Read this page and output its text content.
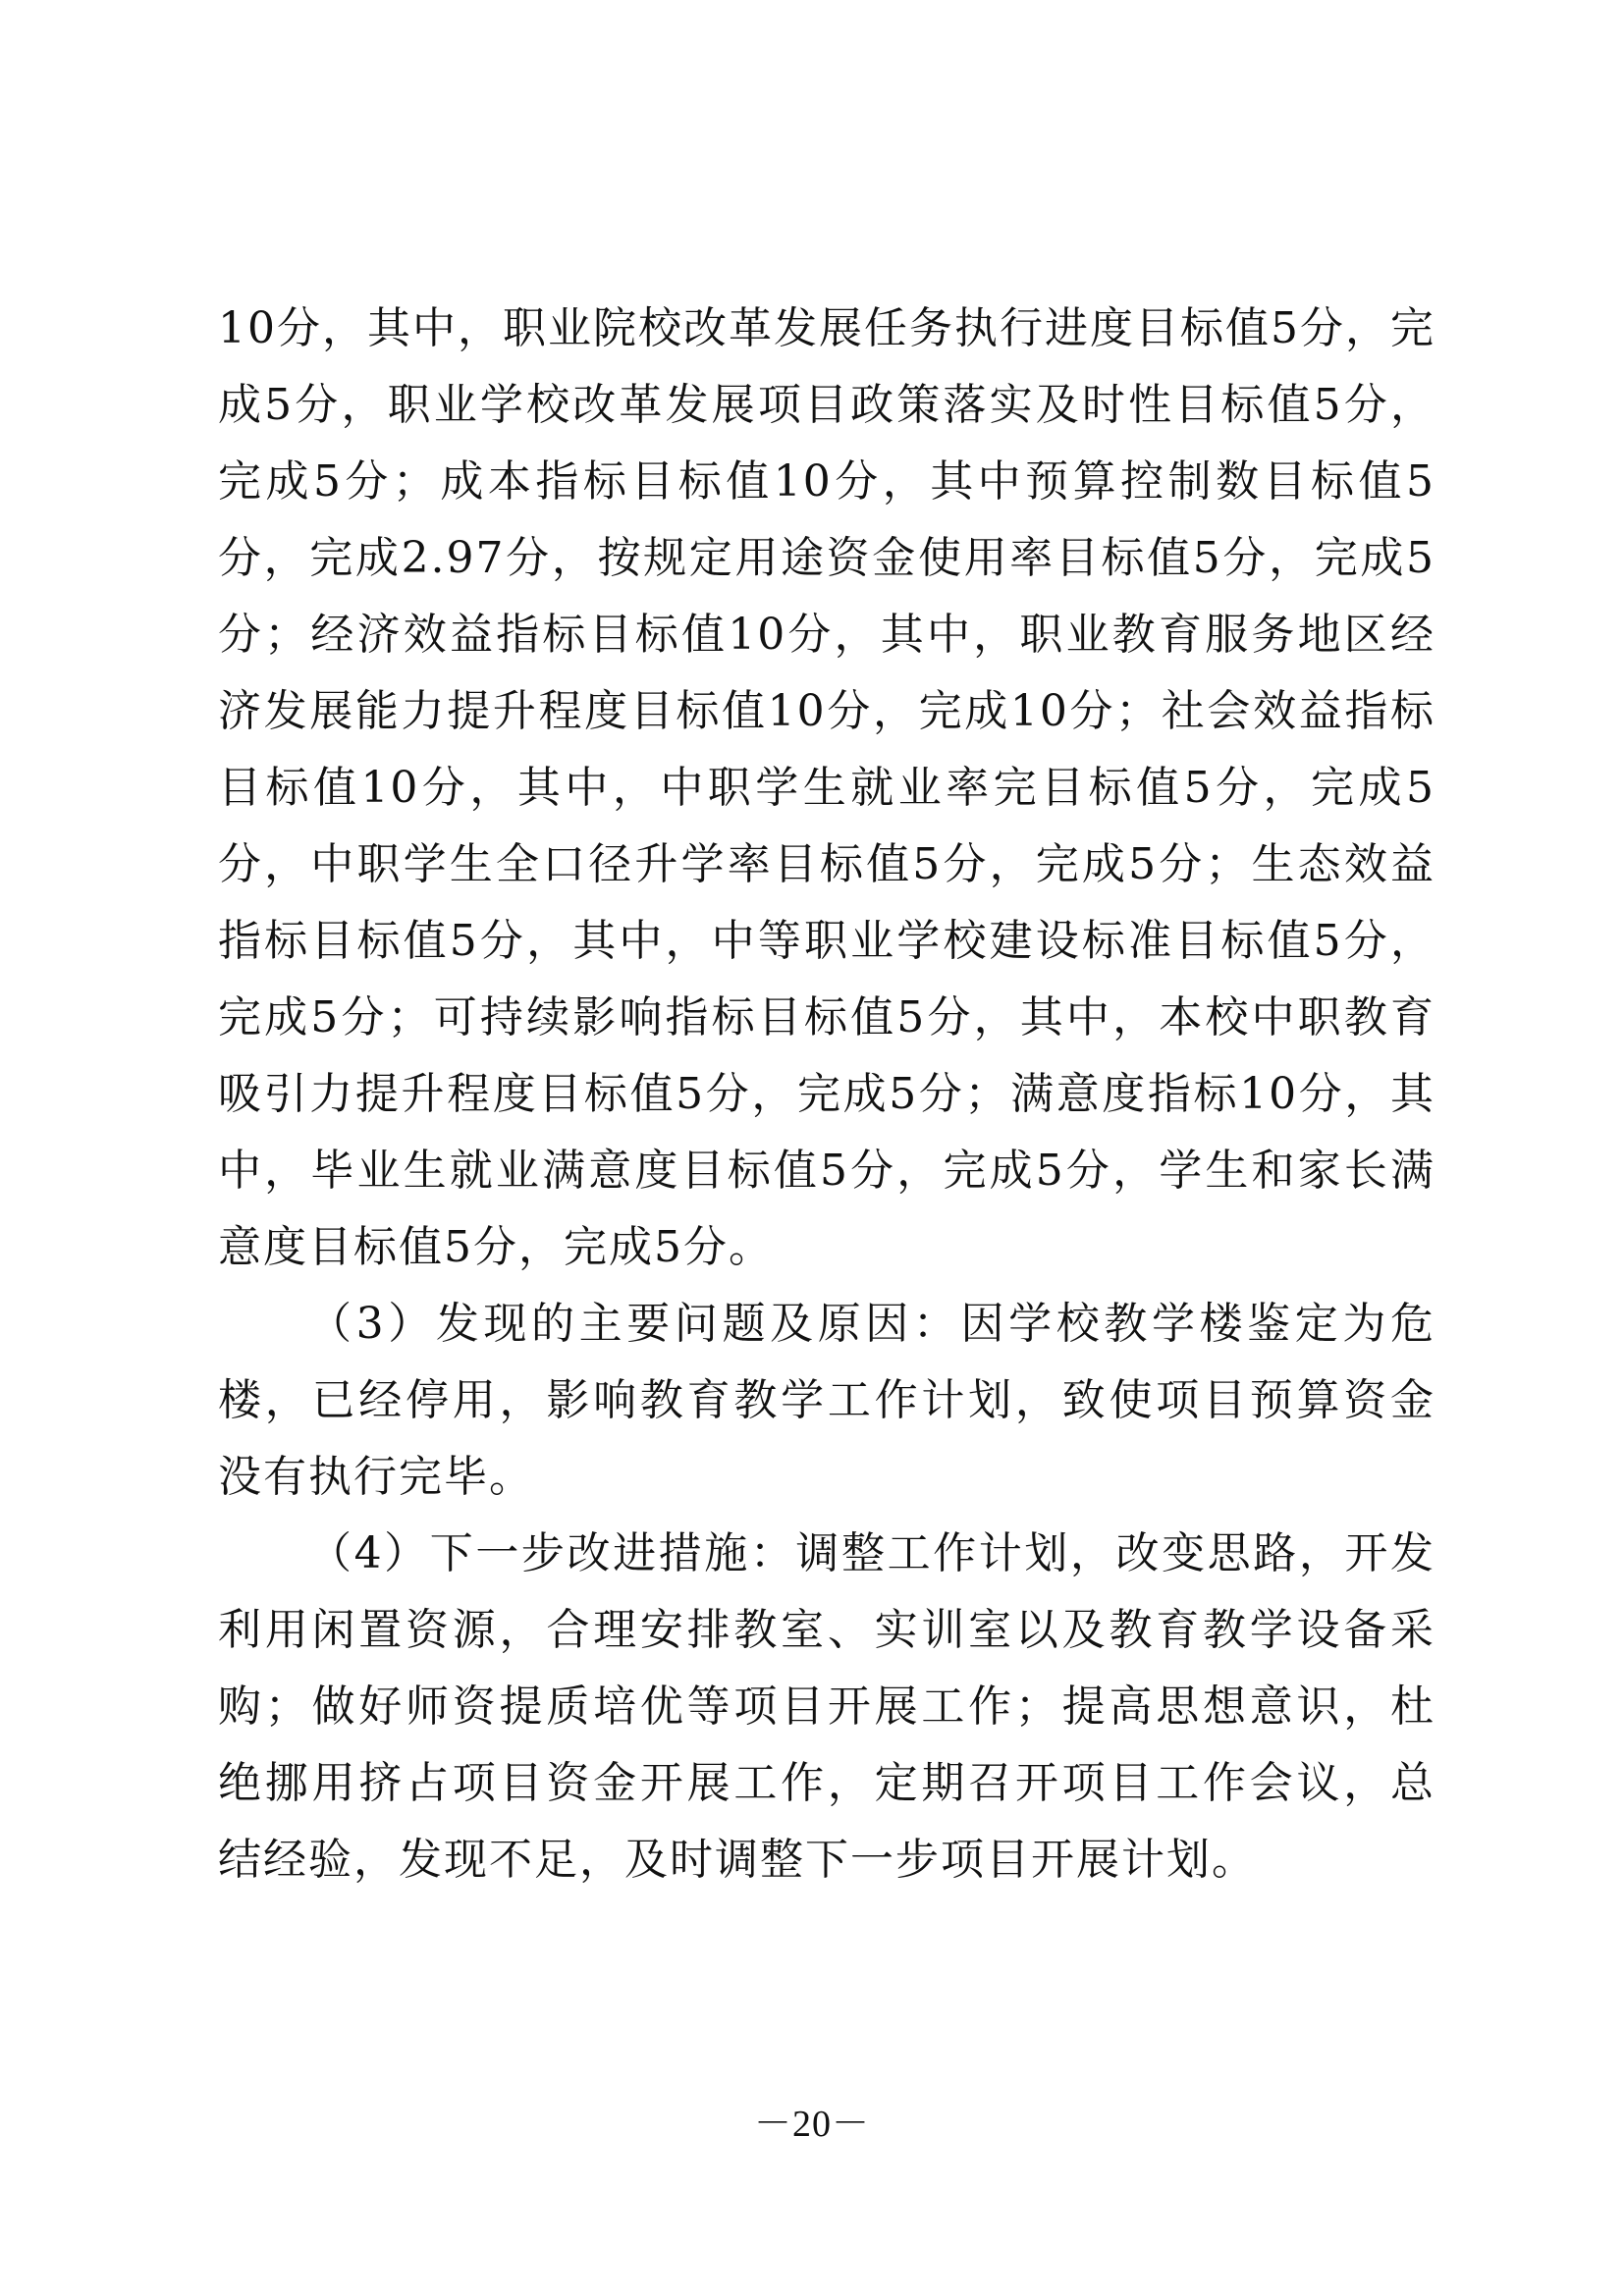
10分，其中，职业院校改革发展任务执行进度目标值5分，完成5分，职业学校改革发展项目政策落实及时性目标值5分，完成5分；成本指标目标值10分，其中预算控制数目标值5分，完成2.97分，按规定用途资金使用率目标值5分，完成5分；经济效益指标目标值10分，其中，职业教育服务地区经济发展能力提升程度目标值10分，完成10分；社会效益指标目标值10分，其中，中职学生就业率完目标值5分，完成5分，中职学生全口径升学率目标值5分，完成5分；生态效益指标目标值5分，其中，中等职业学校建设标准目标值5分，完成5分；可持续影响指标目标值5分，其中，本校中职教育吸引力提升程度目标值5分，完成5分；满意度指标10分，其中，毕业生就业满意度目标值5分，完成5分，学生和家长满意度目标值5分，完成5分。

（3）发现的主要问题及原因：因学校教学楼鉴定为危楼，已经停用，影响教育教学工作计划，致使项目预算资金没有执行完毕。

（4）下一步改进措施：调整工作计划，改变思路，开发利用闲置资源，合理安排教室、实训室以及教育教学设备采购；做好师资提质培优等项目开展工作；提高思想意识，杜绝挪用挤占项目资金开展工作，定期召开项目工作会议，总结经验，发现不足，及时调整下一步项目开展计划。

－20－
